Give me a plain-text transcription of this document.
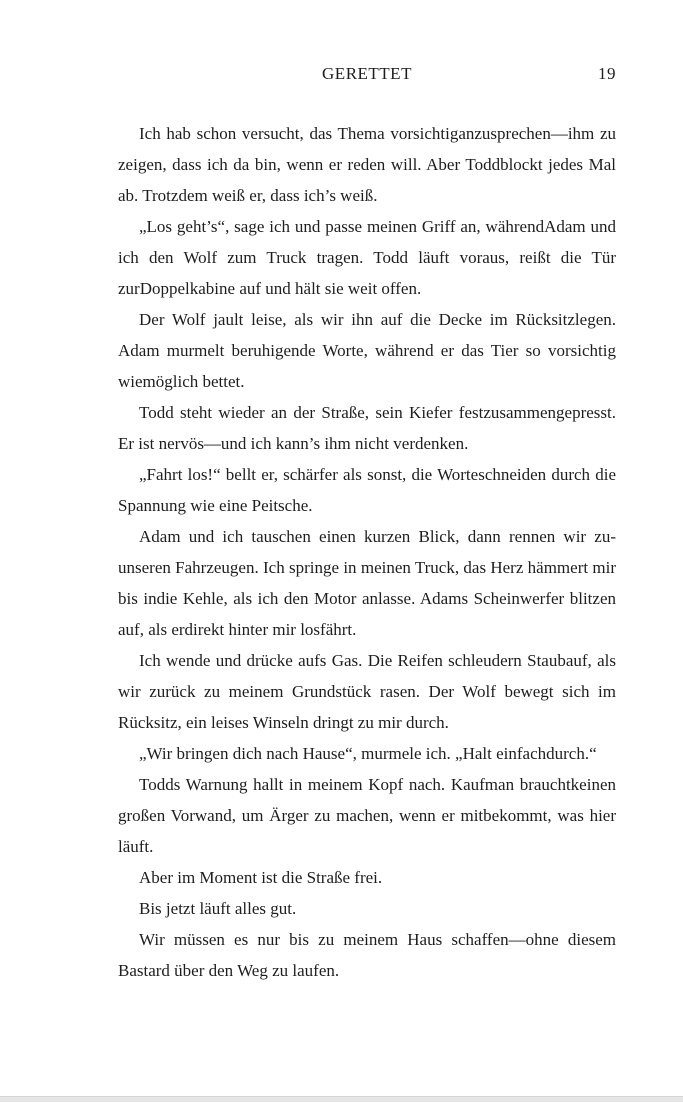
GERETTET	19

Ich hab schon versucht, das Thema vorsichtiganzusprechen—ihm zu zeigen, dass ich da bin, wenn er reden will. Aber Toddblockt jedes Mal ab. Trotzdem weiß er, dass ich’s weiß.

„Los geht’s“, sage ich und passe meinen Griff an, währendAdam und ich den Wolf zum Truck tragen. Todd läuft voraus, reißt die Tür zurDoppelkabine auf und hält sie weit offen.

Der Wolf jault leise, als wir ihn auf die Decke im Rücksitzlegen. Adam murmelt beruhigende Worte, während er das Tier so vorsichtig wiemöglich bettet.

Todd steht wieder an der Straße, sein Kiefer festzusammengepresst. Er ist nervös—und ich kann’s ihm nicht verdenken.

„Fahrt los!“ bellt er, schärfer als sonst, die Worteschneiden durch die Spannung wie eine Peitsche.

Adam und ich tauschen einen kurzen Blick, dann rennen wir zuunseren Fahrzeugen. Ich springe in meinen Truck, das Herz hämmert mir bis indie Kehle, als ich den Motor anlasse. Adams Scheinwerfer blitzen auf, als erdirekt hinter mir losfährt.

Ich wende und drücke aufs Gas. Die Reifen schleudern Staubauf, als wir zurück zu meinem Grundstück rasen. Der Wolf bewegt sich im Rücksitz, ein leises Winseln dringt zu mir durch.

„Wir bringen dich nach Hause“, murmele ich. „Halt einfachdurch.“

Todds Warnung hallt in meinem Kopf nach. Kaufman brauchtkeinen großen Vorwand, um Ärger zu machen, wenn er mitbekommt, was hier läuft.

Aber im Moment ist die Straße frei.

Bis jetzt läuft alles gut.

Wir müssen es nur bis zu meinem Haus schaffen—ohne diesem Bastard über den Weg zu laufen.
